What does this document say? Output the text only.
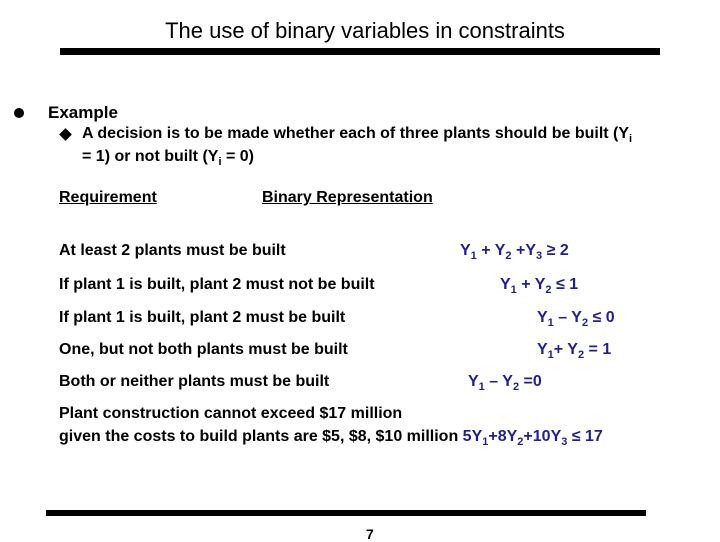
The use of binary variables in constraints
Example
A decision is to be made whether each of three plants should be built ($Y_i$
= 1) or not built $(Y_i = 0)$
Requirement	Binary Representation
At least 2 plants must be built	$Y_1 + Y_2 +Y_3 \ge 2$
If plant 1 is built, plant 2 must not be built	$Y_1 + Y_2 \le 1$
If plant 1 is built, plant 2 must be built	$Y_1 - Y_2 \le 0$
One, but not both plants must be built	$Y_1+ Y_2 = 1$
Both or neither plants must be built	$Y_1 - Y_2 =0$
Plant construction cannot exceed $17 million
given the costs to build plants are $5, $8, $10 million $5Y_1+8Y_2+10Y_3 \le 17$
7
